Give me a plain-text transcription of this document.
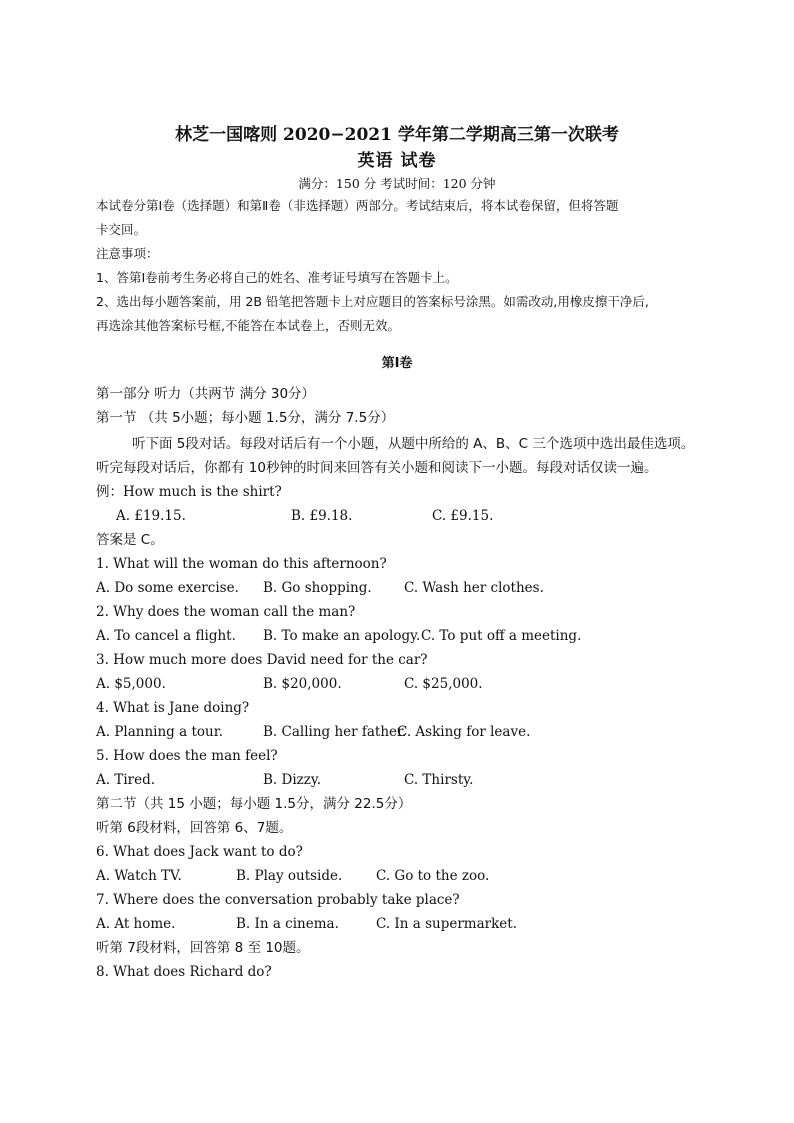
林芝一国喀则 2020−2021 学年第二学期高三第一次联考
英语 试卷
满分：150 分 考试时间：120 分钟
本试卷分第Ⅰ卷（选择题）和第Ⅱ卷（非选择题）两部分。考试结束后，将本试卷保留，但将答题
卡交回。
注意事项：
1、答第Ⅰ卷前考生务必将自己的姓名、准考证号填写在答题卡上。
2、选出每小题答案前，用 2B 铅笔把答题卡上对应题目的答案标号涂黑。如需改动,用橡皮擦干净后,
再选涂其他答案标号框,不能答在本试卷上，否则无效。
第Ⅰ卷
第一部分 听力（共两节 满分 30分）
第一节 （共 5小题；每小题 1.5分，满分 7.5分）
听下面 5段对话。每段对话后有一个小题，从题中所给的 A、B、C 三个选项中选出最佳选项。
听完每段对话后，你都有 10秒钟的时间来回答有关小题和阅读下一小题。每段对话仅读一遍。
例：How much is the shirt?
A. £19.15.	B. £9.18.	C. £9.15.
答案是 C。
1. What will the woman do this afternoon?
A. Do some exercise. B. Go shopping. C. Wash her clothes.
2. Why does the woman call the man?
A. To cancel a flight. B. To make an apology. C. To put off a meeting.
3. How much more does David need for the car?
A. $5,000.	B. $20,000.	C. $25,000.
4. What is Jane doing?
A. Planning a tour.	B. Calling her father.
C. Asking for leave.
5. How does the man feel?
A. Tired.	B. Dizzy.	C. Thirsty.
第二节（共 15 小题；每小题 1.5分，满分 22.5分）
听第 6段材料，回答第 6、7题。
6. What does Jack want to do?
A. Watch TV.	B. Play outside. C. Go to the zoo.
7. Where does the conversation probably take place?
A. At home.	B. In a cinema.	C. In a supermarket.
听第 7段材料，回答第 8 至 10题。
8. What does Richard do?
